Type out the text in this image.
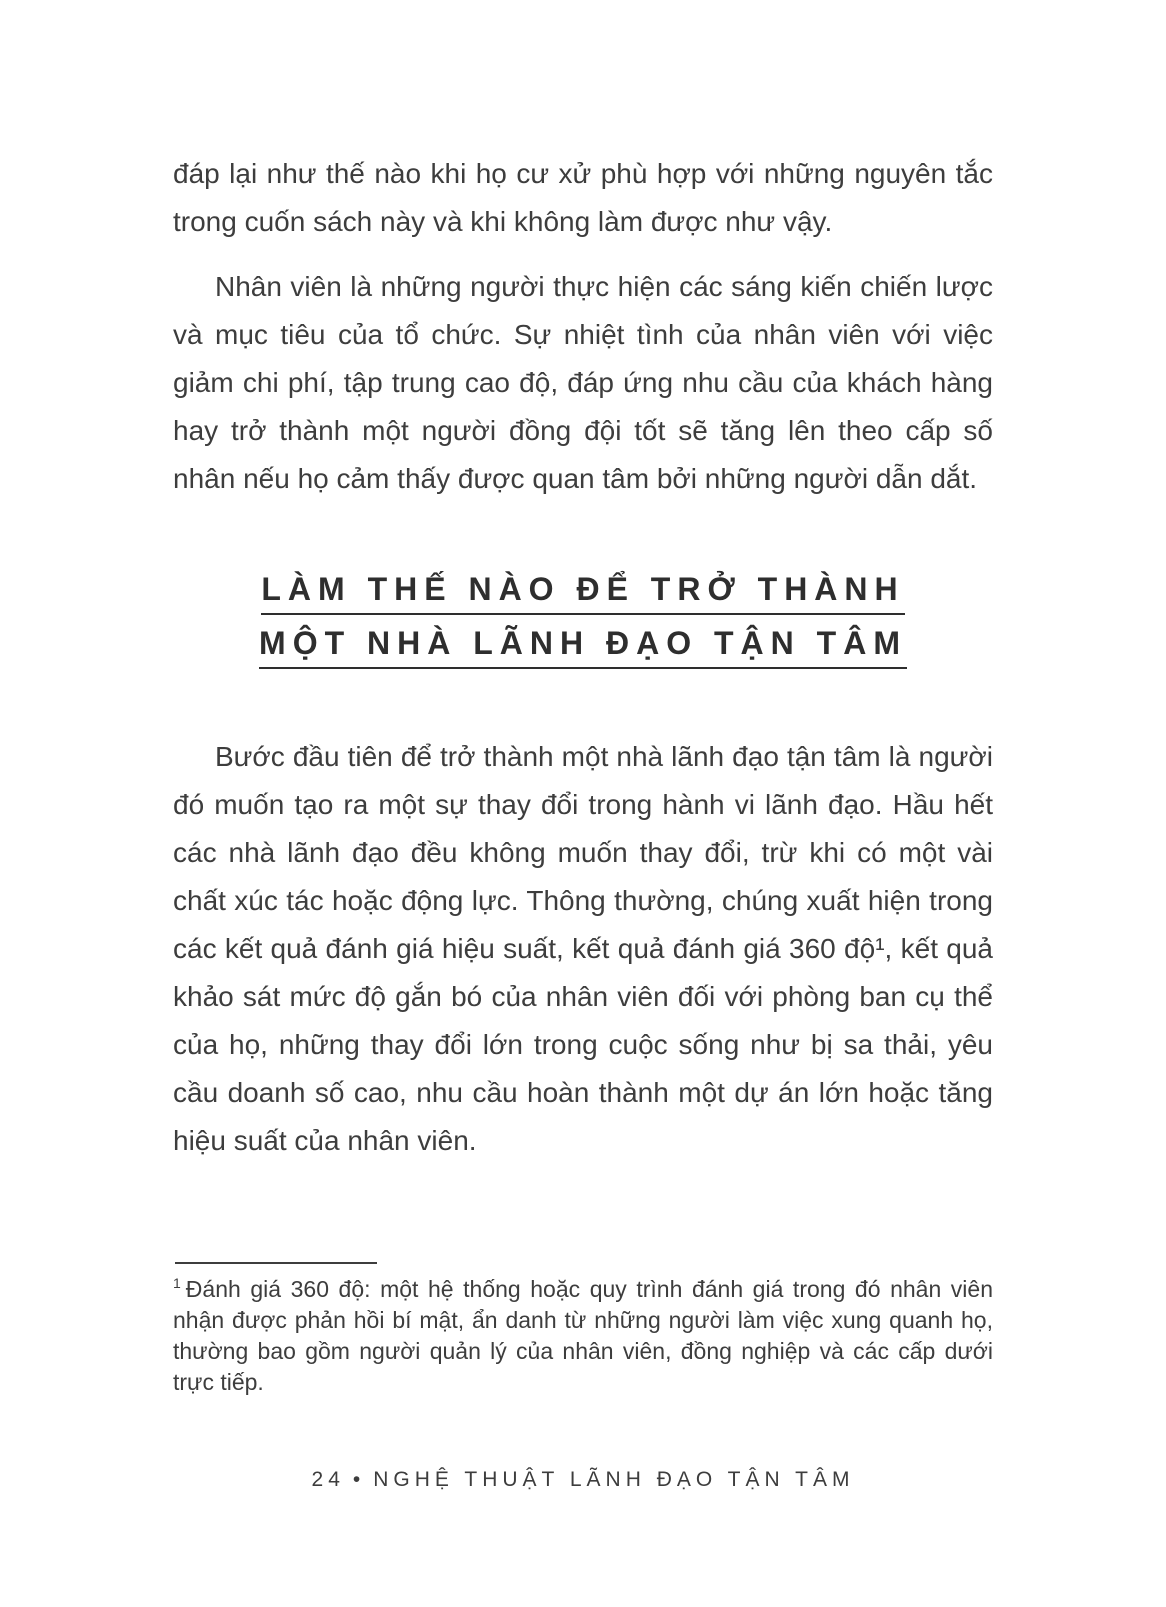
đáp lại như thế nào khi họ cư xử phù hợp với những nguyên tắc trong cuốn sách này và khi không làm được như vậy.

Nhân viên là những người thực hiện các sáng kiến chiến lược và mục tiêu của tổ chức. Sự nhiệt tình của nhân viên với việc giảm chi phí, tập trung cao độ, đáp ứng nhu cầu của khách hàng hay trở thành một người đồng đội tốt sẽ tăng lên theo cấp số nhân nếu họ cảm thấy được quan tâm bởi những người dẫn dắt.

LÀM THẾ NÀO ĐỂ TRỞ THÀNH
MỘT NHÀ LÃNH ĐẠO TẬN TÂM

Bước đầu tiên để trở thành một nhà lãnh đạo tận tâm là người đó muốn tạo ra một sự thay đổi trong hành vi lãnh đạo. Hầu hết các nhà lãnh đạo đều không muốn thay đổi, trừ khi có một vài chất xúc tác hoặc động lực. Thông thường, chúng xuất hiện trong các kết quả đánh giá hiệu suất, kết quả đánh giá 360 độ¹, kết quả khảo sát mức độ gắn bó của nhân viên đối với phòng ban cụ thể của họ, những thay đổi lớn trong cuộc sống như bị sa thải, yêu cầu doanh số cao, nhu cầu hoàn thành một dự án lớn hoặc tăng hiệu suất của nhân viên.

$^1$ Đánh giá 360 độ: một hệ thống hoặc quy trình đánh giá trong đó nhân viên nhận được phản hồi bí mật, ẩn danh từ những người làm việc xung quanh họ, thường bao gồm người quản lý của nhân viên, đồng nghiệp và các cấp dưới trực tiếp.

24 • NGHỆ THUẬT LÃNH ĐẠO TẬN TÂM
